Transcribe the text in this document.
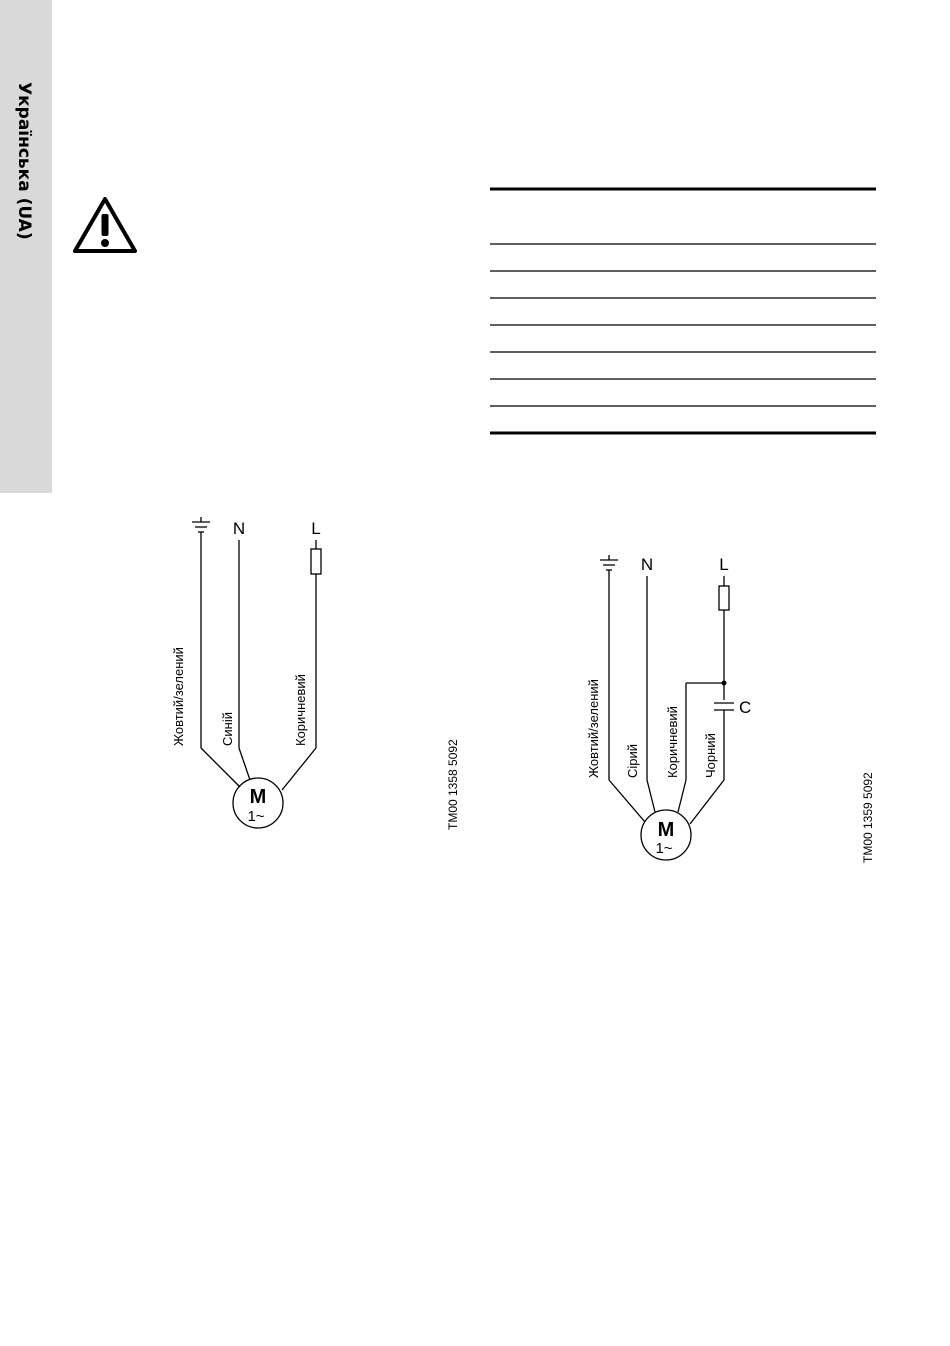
Українська (UA)
N	L
Жовтий/зелений	Синій	Коричневий
M
1~	TM00 1358 5092
N	L
C
Жовтий/зелений Сірий Коричневий Чорний
M
1~	TM00 1359 5092
